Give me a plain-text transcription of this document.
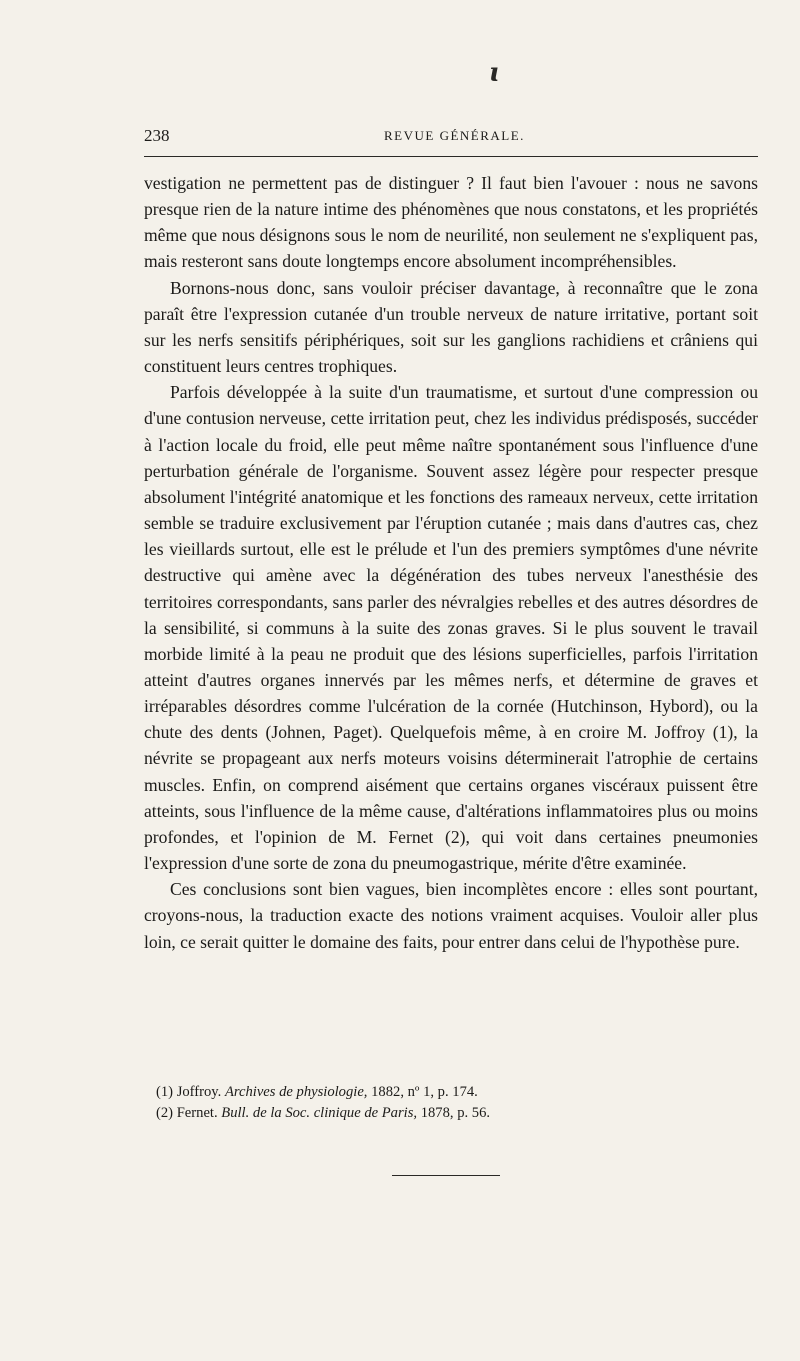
ɩ
238	REVUE GÉNÉRALE.

vestigation ne permettent pas de distinguer ? Il faut bien l'avouer : nous ne savons presque rien de la nature intime des phénomènes que nous constatons, et les propriétés même que nous désignons sous le nom de neurilité, non seulement ne s'expliquent pas, mais resteront sans doute longtemps encore absolument incompréhensibles.

Bornons-nous donc, sans vouloir préciser davantage, à reconnaître que le zona paraît être l'expression cutanée d'un trouble nerveux de nature irritative, portant soit sur les nerfs sensitifs périphériques, soit sur les ganglions rachidiens et crâniens qui constituent leurs centres trophiques.

Parfois développée à la suite d'un traumatisme, et surtout d'une compression ou d'une contusion nerveuse, cette irritation peut, chez les individus prédisposés, succéder à l'action locale du froid, elle peut même naître spontanément sous l'influence d'une perturbation générale de l'organisme. Souvent assez légère pour respecter presque absolument l'intégrité anatomique et les fonctions des rameaux nerveux, cette irritation semble se traduire exclusivement par l'éruption cutanée ; mais dans d'autres cas, chez les vieillards surtout, elle est le prélude et l'un des premiers symptômes d'une névrite destructive qui amène avec la dégénération des tubes nerveux l'anesthésie des territoires correspondants, sans parler des névralgies rebelles et des autres désordres de la sensibilité, si communs à la suite des zonas graves. Si le plus souvent le travail morbide limité à la peau ne produit que des lésions superficielles, parfois l'irritation atteint d'autres organes innervés par les mêmes nerfs, et détermine de graves et irréparables désordres comme l'ulcération de la cornée (Hutchinson, Hybord), ou la chute des dents (Johnen, Paget). Quelquefois même, à en croire M. Joffroy (1), la névrite se propageant aux nerfs moteurs voisins déterminerait l'atrophie de certains muscles. Enfin, on comprend aisément que certains organes viscéraux puissent être atteints, sous l'influence de la même cause, d'altérations inflammatoires plus ou moins profondes, et l'opinion de M. Fernet (2), qui voit dans certaines pneumonies l'expression d'une sorte de zona du pneumogastrique, mérite d'être examinée.

Ces conclusions sont bien vagues, bien incomplètes encore : elles sont pourtant, croyons-nous, la traduction exacte des notions vraiment acquises. Vouloir aller plus loin, ce serait quitter le domaine des faits, pour entrer dans celui de l'hypothèse pure.

(1) Joffroy. Archives de physiologie, 1882, nº 1, p. 174.

(2) Fernet. Bull. de la Soc. clinique de Paris, 1878, p. 56.
